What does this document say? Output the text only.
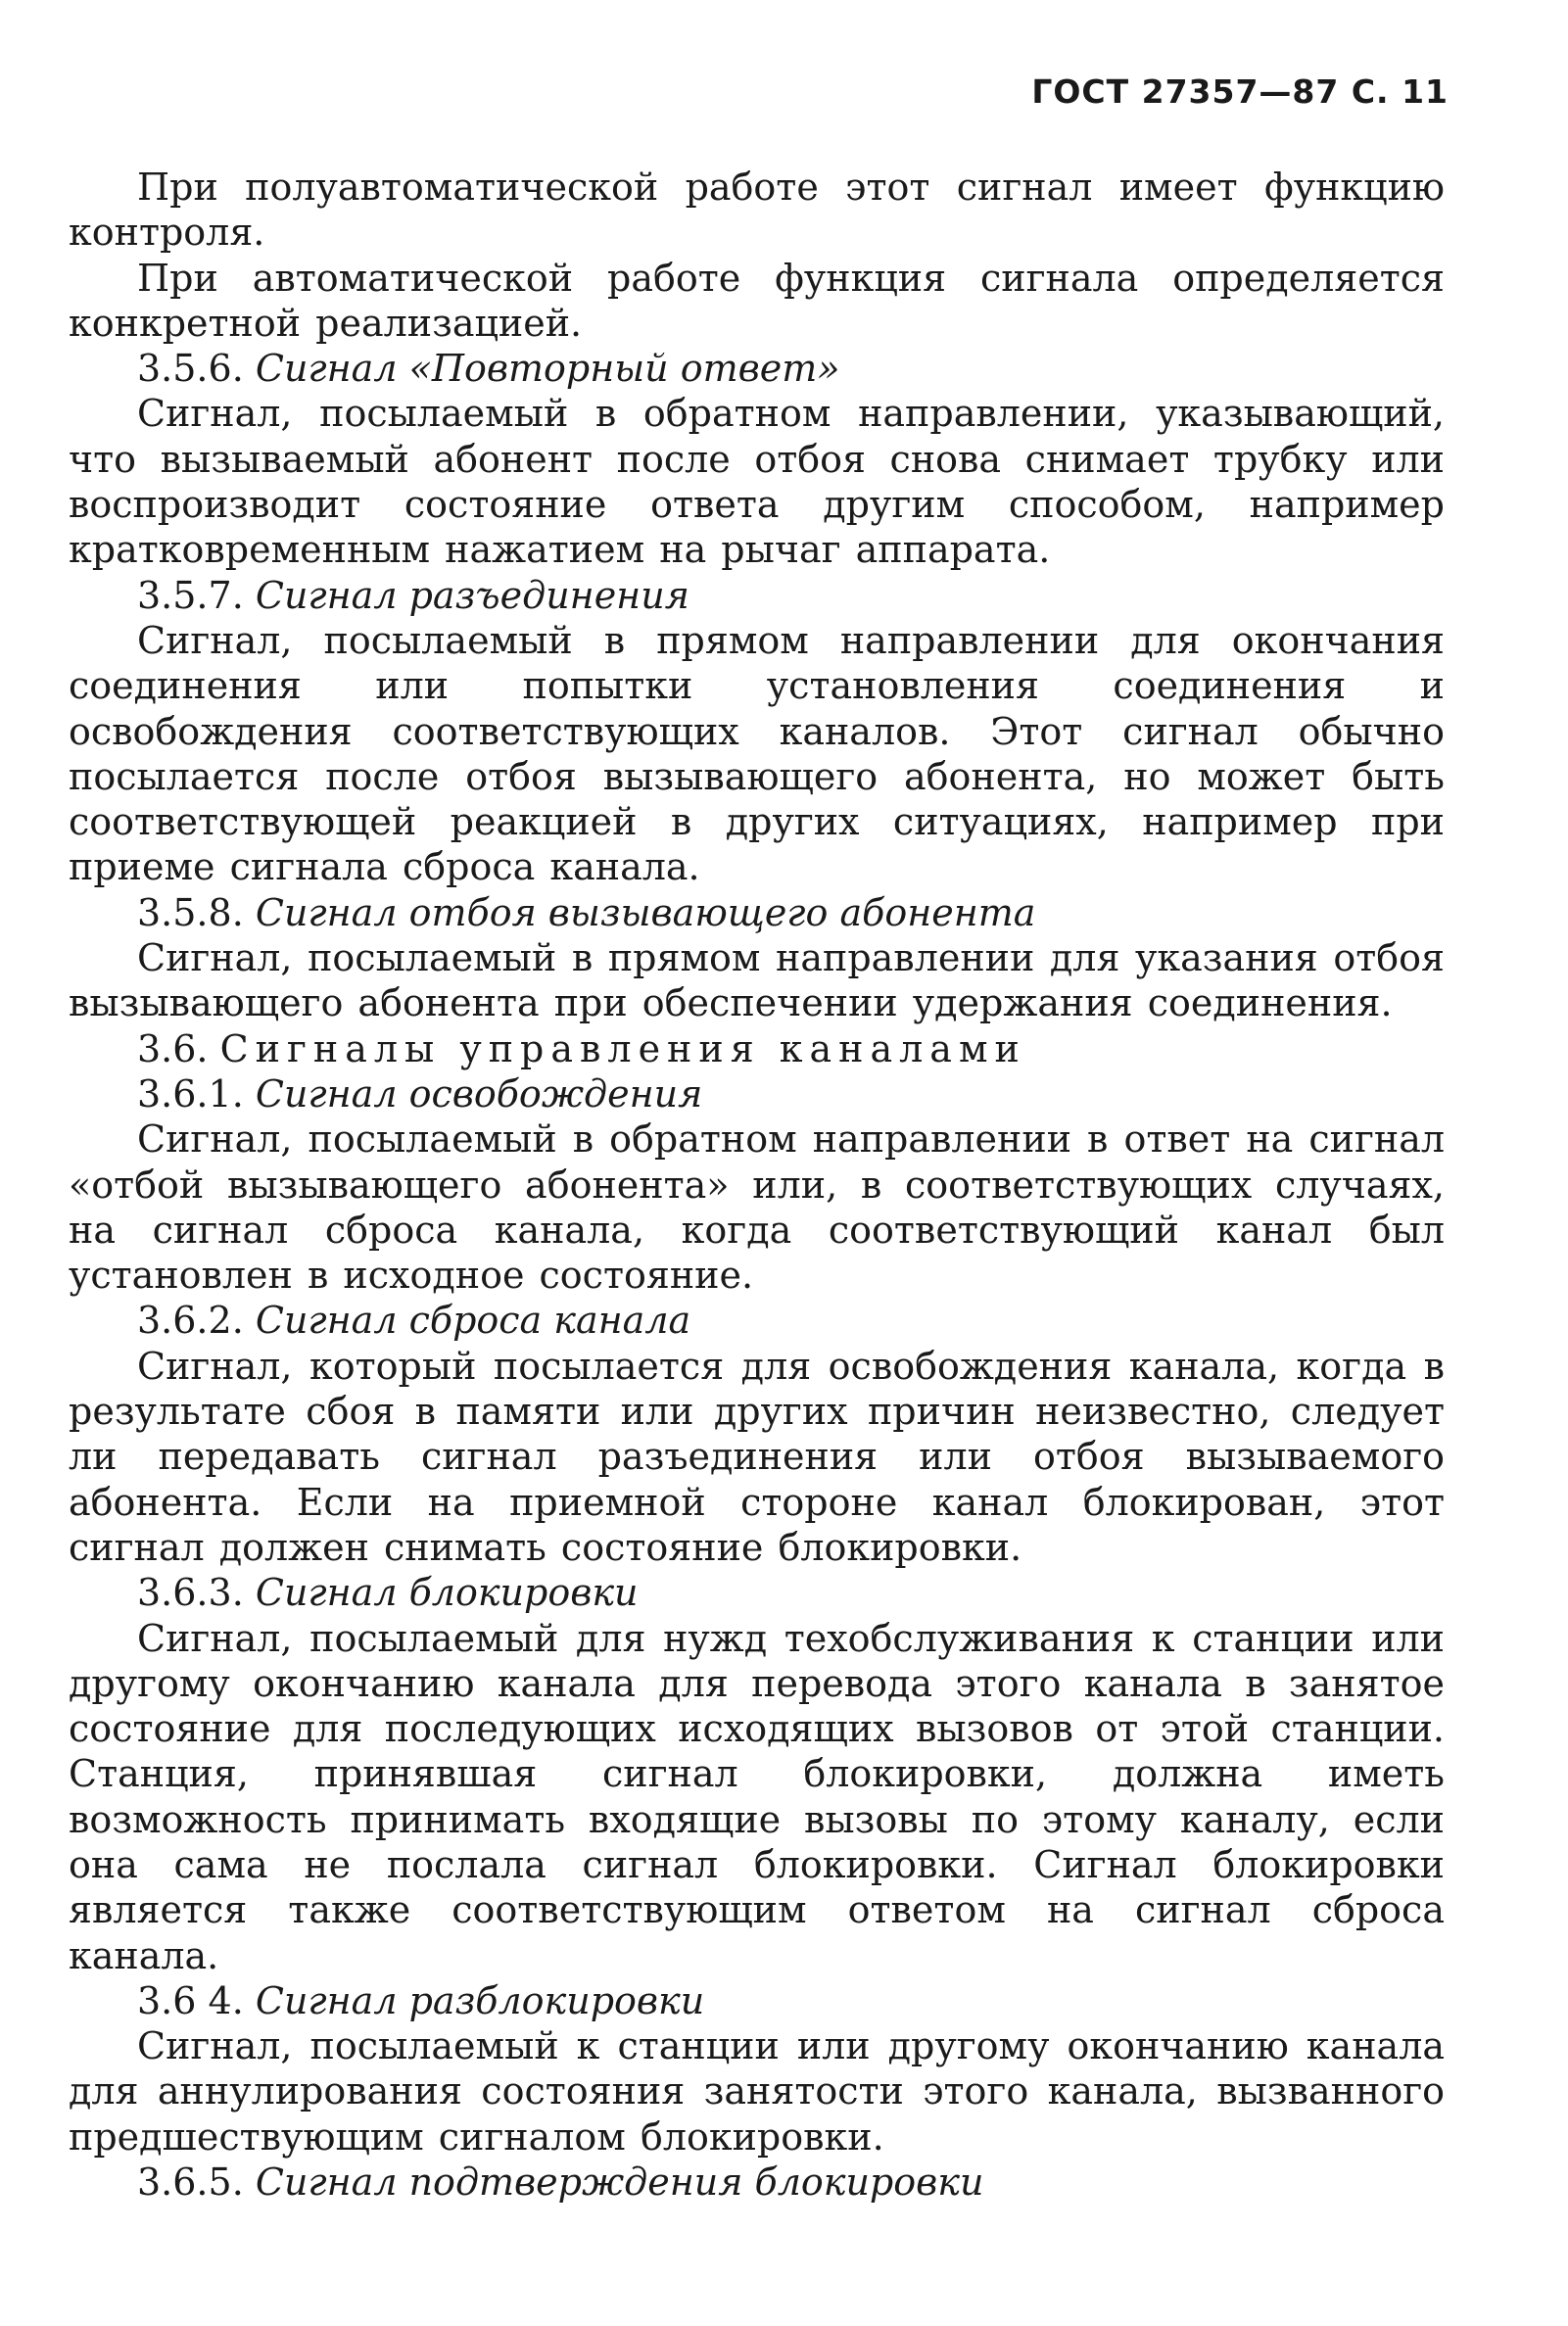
ГОСТ 27357—87 С. 11

При полуавтоматической работе этот сигнал имеет функцию контроля.

При автоматической работе функция сигнала определяется конкретной реализацией.

3.5.6. Сигнал «Повторный ответ»

Сигнал, посылаемый в обратном направлении, указывающий, что вызываемый абонент после отбоя снова снимает трубку или воспроизводит состояние ответа другим способом, например кратковременным нажатием на рычаг аппарата.

3.5.7. Сигнал разъединения

Сигнал, посылаемый в прямом направлении для окончания соединения или попытки установления соединения и освобождения соответствующих каналов. Этот сигнал обычно посылается после отбоя вызывающего абонента, но может быть соответствующей реакцией в других ситуациях, например при приеме сигнала сброса канала.

3.5.8. Сигнал отбоя вызывающего абонента

Сигнал, посылаемый в прямом направлении для указания отбоя вызывающего абонента при обеспечении удержания соединения.

3.6. Сигналы управления каналами

3.6.1. Сигнал освобождения

Сигнал, посылаемый в обратном направлении в ответ на сигнал «отбой вызывающего абонента» или, в соответствующих случаях, на сигнал сброса канала, когда соответствующий канал был установлен в исходное состояние.

3.6.2. Сигнал сброса канала

Сигнал, который посылается для освобождения канала, когда в результате сбоя в памяти или других причин неизвестно, следует ли передавать сигнал разъединения или отбоя вызываемого абонента. Если на приемной стороне канал блокирован, этот сигнал должен снимать состояние блокировки.

3.6.3. Сигнал блокировки

Сигнал, посылаемый для нужд техобслуживания к станции или другому окончанию канала для перевода этого канала в занятое состояние для последующих исходящих вызовов от этой станции. Станция, принявшая сигнал блокировки, должна иметь возможность принимать входящие вызовы по этому каналу, если она сама не послала сигнал блокировки. Сигнал блокировки является также соответствующим ответом на сигнал сброса канала.

3.6 4. Сигнал разблокировки

Сигнал, посылаемый к станции или другому окончанию канала для аннулирования состояния занятости этого канала, вызванного предшествующим сигналом блокировки.

3.6.5. Сигнал подтверждения блокировки
